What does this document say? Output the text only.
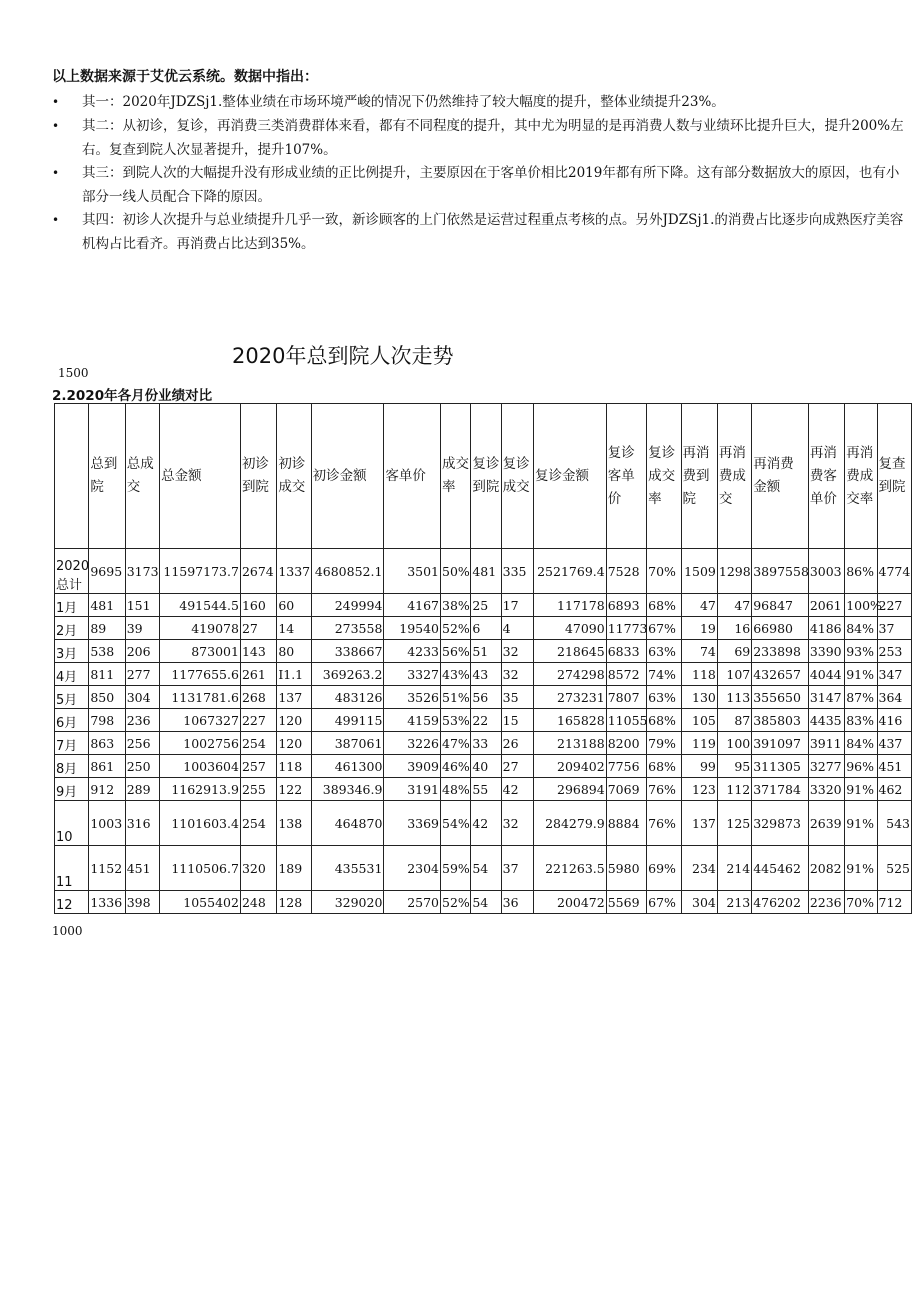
以上数据来源于艾优云系统。数据中指出：
• 其一：2020年JDZSj1.整体业绩在市场环境严峻的情况下仍然维持了较大幅度的提升，整体业绩提升23%。
• 其二：从初诊，复诊，再消费三类消费群体来看，都有不同程度的提升，其中尤为明显的是再消费人数与业绩环比提升巨大，提升200%左右。复查到院人次显著提升，提升107%。
• 其三：到院人次的大幅提升没有形成业绩的正比例提升，主要原因在于客单价相比2019年都有所下降。这有部分数据放大的原因，也有小部分一线人员配合下降的原因。
• 其四：初诊人次提升与总业绩提升几乎一致，新诊顾客的上门依然是运营过程重点考核的点。另外JDZSj1.的消费占比逐步向成熟医疗美容机构占比看齐。再消费占比达到35%。
2020年总到院人次走势
1500
2.2020年各月份业绩对比
	总到院	总成交	总金额	初诊到院	初诊成交	初诊金额	客单价	成交率	复诊到院	复诊成交	复诊金额	复诊客单价	复诊成交率	再消费到院	再消费成交	再消费金额	再消费客单价	再消费成交率	复查到院
2020总计	9695	3173	11597173.7	2674	1337	4680852.1	3501	50%	481	335	2521769.4	7528	70%	1509	1298	3897558	3003	86%	4774
1月	481	151	491544.5	160	60	249994	4167	38%	25	17	117178	6893	68%	47	47	96847	2061	100%	227
2月	89	39	419078	27	14	273558	19540	52%	6	4	47090	11773	67%	19	16	66980	4186	84%	37
3月	538	206	873001	143	80	338667	4233	56%	51	32	218645	6833	63%	74	69	233898	3390	93%	253
4月	811	277	1177655.6	261	I1.1	369263.2	3327	43%	43	32	274298	8572	74%	118	107	432657	4044	91%	347
5月	850	304	1131781.6	268	137	483126	3526	51%	56	35	273231	7807	63%	130	113	355650	3147	87%	364
6月	798	236	1067327	227	120	499115	4159	53%	22	15	165828	11055	68%	105	87	385803	4435	83%	416
7月	863	256	1002756	254	120	387061	3226	47%	33	26	213188	8200	79%	119	100	391097	3911	84%	437
8月	861	250	1003604	257	118	461300	3909	46%	40	27	209402	7756	68%	99	95	311305	3277	96%	451
9月	912	289	1162913.9	255	122	389346.9	3191	48%	55	42	296894	7069	76%	123	112	371784	3320	91%	462
10	1003	316	1101603.4	254	138	464870	3369	54%	42	32	284279.9	8884	76%	137	125	329873	2639	91%	543
11	1152	451	1110506.7	320	189	435531	2304	59%	54	37	221263.5	5980	69%	234	214	445462	2082	91%	525
12	1336	398	1055402	248	128	329020	2570	52%	54	36	200472	5569	67%	304	213	476202	2236	70%	712
1000
